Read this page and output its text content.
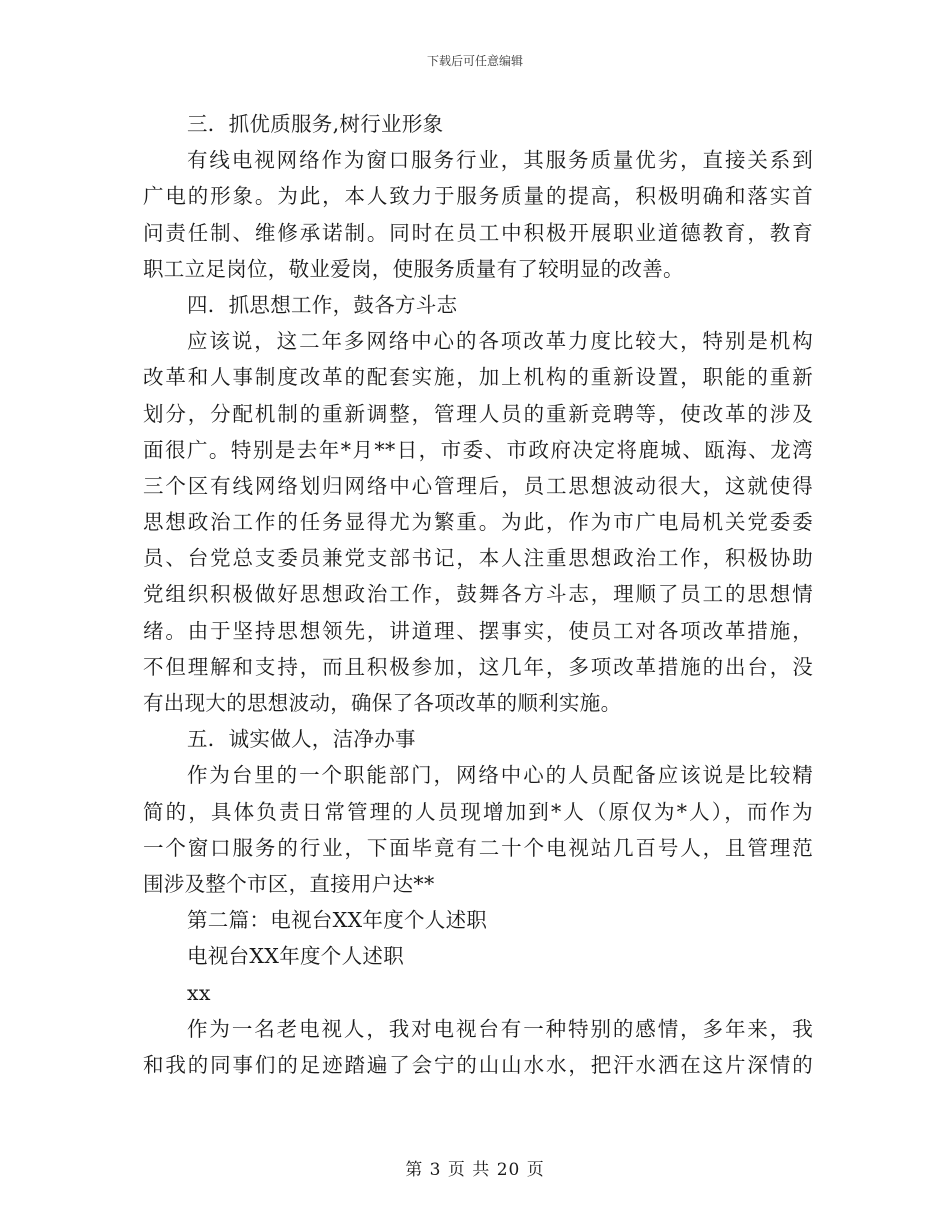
下载后可任意编辑
三．抓优质服务,树行业形象
有线电视网络作为窗口服务行业，其服务质量优劣，直接关系到
广电的形象。为此，本人致力于服务质量的提高，积极明确和落实首
问责任制、维修承诺制。同时在员工中积极开展职业道德教育，教育
职工立足岗位，敬业爱岗，使服务质量有了较明显的改善。
四．抓思想工作，鼓各方斗志
应该说，这二年多网络中心的各项改革力度比较大，特别是机构
改革和人事制度改革的配套实施，加上机构的重新设置，职能的重新
划分，分配机制的重新调整，管理人员的重新竞聘等，使改革的涉及
面很广。特别是去年*月**日，市委、市政府决定将鹿城、瓯海、龙湾
三个区有线网络划归网络中心管理后，员工思想波动很大，这就使得
思想政治工作的任务显得尤为繁重。为此，作为市广电局机关党委委
员、台党总支委员兼党支部书记，本人注重思想政治工作，积极协助
党组织积极做好思想政治工作，鼓舞各方斗志，理顺了员工的思想情
绪。由于坚持思想领先，讲道理、摆事实，使员工对各项改革措施，
不但理解和支持，而且积极参加，这几年，多项改革措施的出台，没
有出现大的思想波动，确保了各项改革的顺利实施。
五．诚实做人，洁净办事
作为台里的一个职能部门，网络中心的人员配备应该说是比较精
简的，具体负责日常管理的人员现增加到*人（原仅为*人），而作为
一个窗口服务的行业，下面毕竟有二十个电视站几百号人，且管理范
围涉及整个市区，直接用户达**
第二篇：电视台XX年度个人述职
电视台XX年度个人述职
xx
作为一名老电视人，我对电视台有一种特别的感情，多年来，我
和我的同事们的足迹踏遍了会宁的山山水水，把汗水洒在这片深情的
第 3 页 共 20 页
